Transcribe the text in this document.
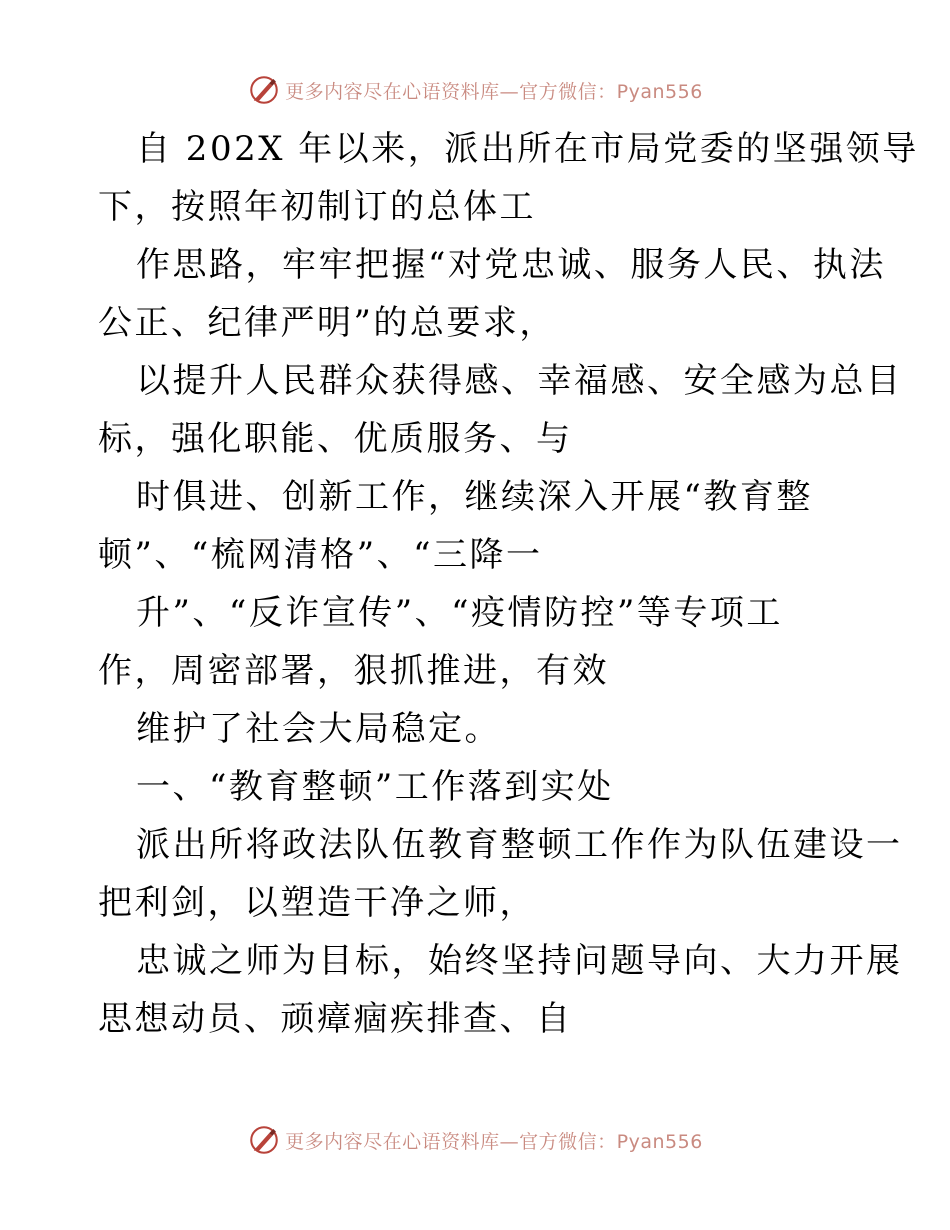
更多内容尽在心语资料库—官方微信：Pyan556
自 202X 年以来，派出所在市局党委的坚强领导
下，按照年初制订的总体工
作思路，牢牢把握“对党忠诚、服务人民、执法
公正、纪律严明”的总要求，
以提升人民群众获得感、幸福感、安全感为总目
标，强化职能、优质服务、与
时俱进、创新工作，继续深入开展“教育整
顿”、“梳网清格”、“三降一
升”、“反诈宣传”、“疫情防控”等专项工
作，周密部署，狠抓推进，有效
维护了社会大局稳定。
一、“教育整顿”工作落到实处
派出所将政法队伍教育整顿工作作为队伍建设一
把利剑，以塑造干净之师，
忠诚之师为目标，始终坚持问题导向、大力开展
思想动员、顽瘴痼疾排查、自
更多内容尽在心语资料库—官方微信：Pyan556
